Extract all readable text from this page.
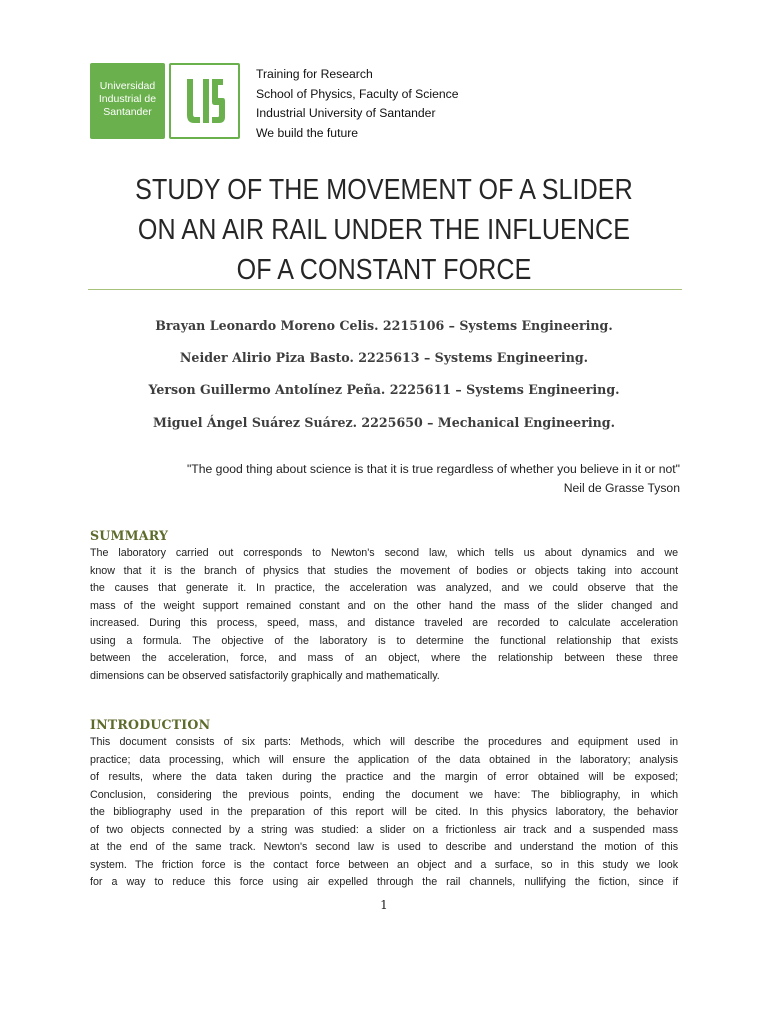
Universidad
Industrial de
Santander
Training for Research
School of Physics, Faculty of Science
Industrial University of Santander
We build the future
STUDY OF THE MOVEMENT OF A SLIDER
ON AN AIR RAIL UNDER THE INFLUENCE
OF A CONSTANT FORCE
Brayan Leonardo Moreno Celis. 2215106 – Systems Engineering.
Neider Alirio Piza Basto. 2225613 – Systems Engineering.
Yerson Guillermo Antolínez Peña. 2225611 – Systems Engineering.
Miguel Ángel Suárez Suárez. 2225650 – Mechanical Engineering.
"The good thing about science is that it is true regardless of whether you believe in it or not"
Neil de Grasse Tyson
SUMMARY
The laboratory carried out corresponds to Newton's second law, which tells us about dynamics and we
know that it is the branch of physics that studies the movement of bodies or objects taking into account
the causes that generate it. In practice, the acceleration was analyzed, and we could observe that the
mass of the weight support remained constant and on the other hand the mass of the slider changed and
increased. During this process, speed, mass, and distance traveled are recorded to calculate acceleration
using a formula. The objective of the laboratory is to determine the functional relationship that exists
between the acceleration, force, and mass of an object, where the relationship between these three
dimensions can be observed satisfactorily graphically and mathematically.
INTRODUCTION
This document consists of six parts: Methods, which will describe the procedures and equipment used in
practice; data processing, which will ensure the application of the data obtained in the laboratory; analysis
of results, where the data taken during the practice and the margin of error obtained will be exposed;
Conclusion, considering the previous points, ending the document we have: The bibliography, in which
the bibliography used in the preparation of this report will be cited. In this physics laboratory, the behavior
of two objects connected by a string was studied: a slider on a frictionless air track and a suspended mass
at the end of the same track. Newton's second law is used to describe and understand the motion of this
system. The friction force is the contact force between an object and a surface, so in this study we look
for a way to reduce this force using air expelled through the rail channels, nullifying the fiction, since if
1
